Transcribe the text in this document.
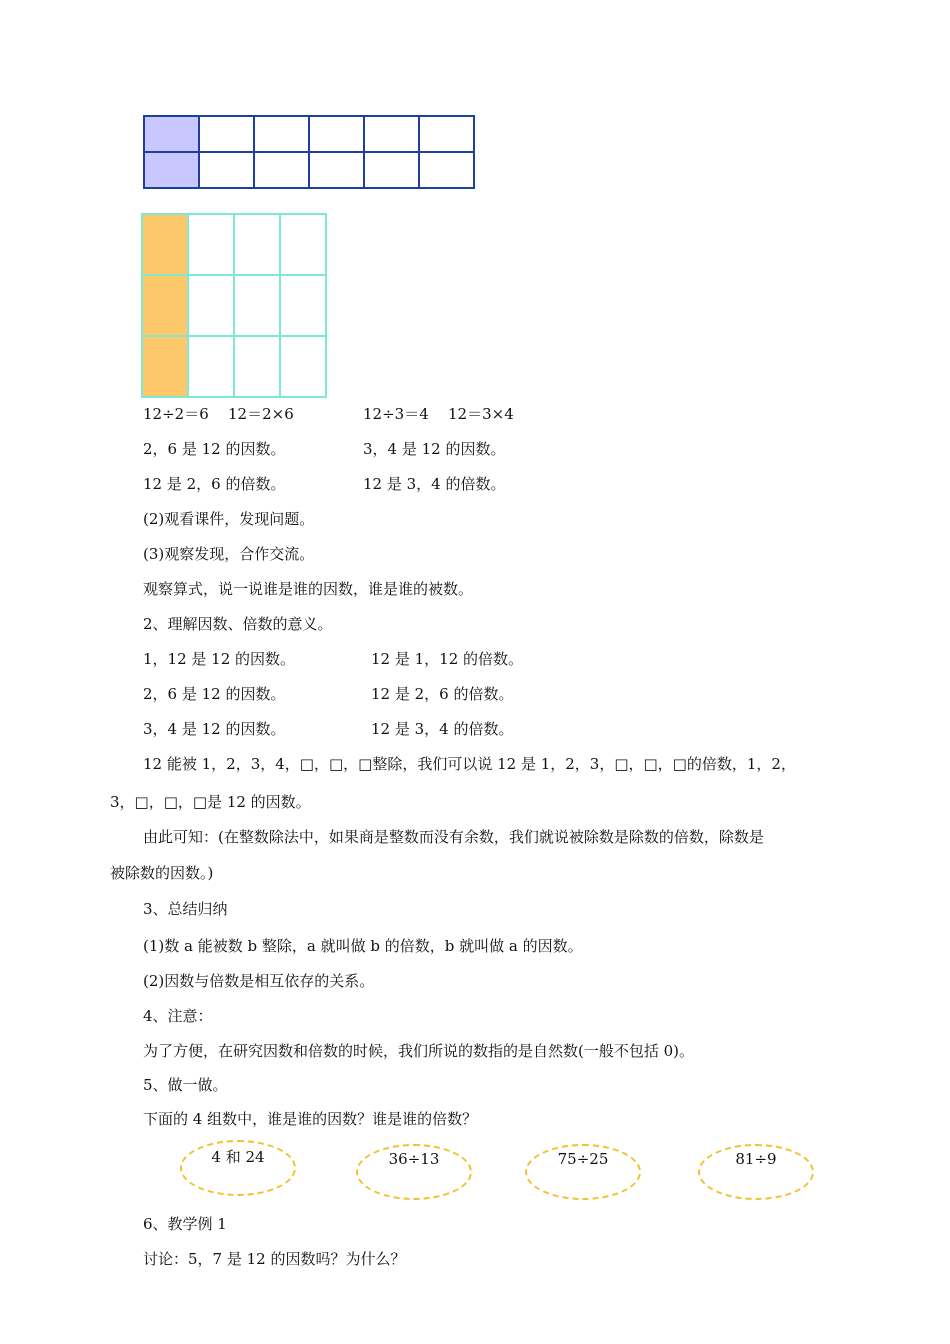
12÷2＝6 12＝2×6	12÷3＝4 12＝3×4
2，6 是 12 的因数。	3，4 是 12 的因数。
12 是 2，6 的倍数。	12 是 3，4 的倍数。
(2)观看课件，发现问题。
(3)观察发现，合作交流。
观察算式，说一说谁是谁的因数，谁是谁的被数。
2、理解因数、倍数的意义。
1，12 是 12 的因数。	12 是 1，12 的倍数。
2，6 是 12 的因数。	12 是 2，6 的倍数。
3，4 是 12 的因数。	12 是 3，4 的倍数。
12 能被 1，2，3，4，□，□，□整除，我们可以说 12 是 1，2，3，□，□，□的倍数，1，2，
3，□，□，□是 12 的因数。
由此可知：(在整数除法中，如果商是整数而没有余数，我们就说被除数是除数的倍数，除数是
被除数的因数。)
3、总结归纳
(1)数 a 能被数 b 整除，a 就叫做 b 的倍数，b 就叫做 a 的因数。
(2)因数与倍数是相互依存的关系。
4、注意：
为了方便，在研究因数和倍数的时候，我们所说的数指的是自然数(一般不包括 0)。
5、做一做。
下面的 4 组数中，谁是谁的因数？谁是谁的倍数？
4 和 24	36÷13	75÷25	81÷9
6、教学例 1
讨论：5，7 是 12 的因数吗？为什么？
